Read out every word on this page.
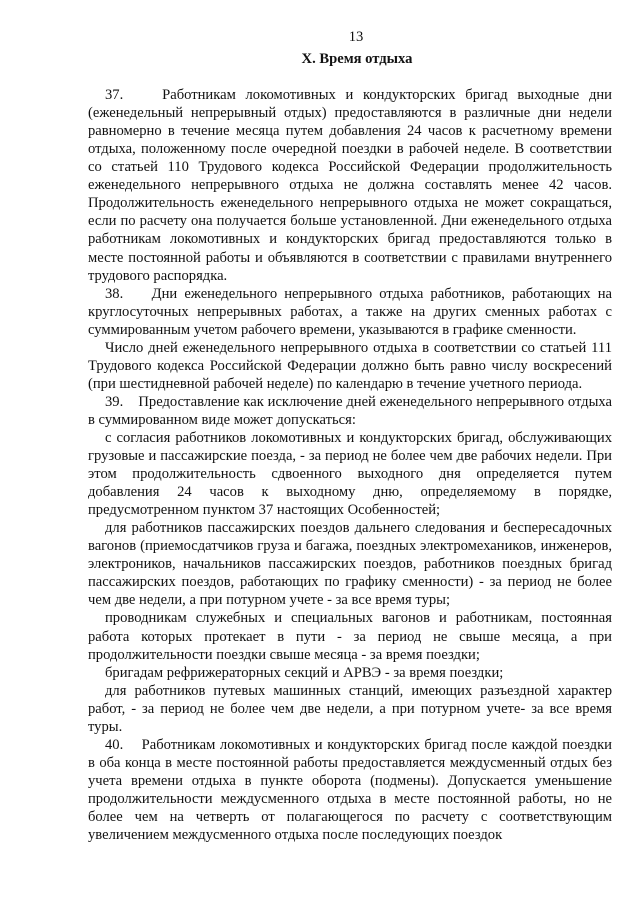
13
X. Время отдыха

37.    Работникам локомотивных и кондукторских бригад выходные дни (еженедельный непрерывный отдых) предоставляются в различные дни недели равномерно в течение месяца путем добавления 24 часов к расчетному времени отдыха, положенному после очередной поездки в рабочей неделе. В соответствии со статьей 110 Трудового кодекса Российской Федерации продолжительность еженедельного непрерывного отдыха не должна составлять менее 42 часов. Продолжительность еженедельного непрерывного отдыха не может сокращаться, если по расчету она получается больше установленной. Дни еженедельного отдыха работникам локомотивных и кондукторских бригад предоставляются только в месте постоянной работы и объявляются в соответствии с правилами внутреннего трудового распорядка.

38.    Дни еженедельного непрерывного отдыха работников, работающих на круглосуточных непрерывных работах, а также на других сменных работах с суммированным учетом рабочего времени, указываются в графике сменности.

Число дней еженедельного непрерывного отдыха в соответствии со статьей 111 Трудового кодекса Российской Федерации должно быть равно числу воскресений (при шестидневной рабочей неделе) по календарю в течение учетного периода.

39.    Предоставление как исключение дней еженедельного непрерывного отдыха в суммированном виде может допускаться:

с согласия работников локомотивных и кондукторских бригад, обслуживающих грузовые и пассажирские поезда, - за период не более чем две рабочих недели. При этом продолжительность сдвоенного выходного дня определяется путем добавления 24 часов к выходному дню, определяемому в порядке, предусмотренном пунктом 37 настоящих Особенностей;

для работников пассажирских поездов дальнего следования и беспересадочных вагонов (приемосдатчиков груза и багажа, поездных электромехаников, инженеров, электроников, начальников пассажирских поездов, работников поездных бригад пассажирских поездов, работающих по графику сменности) - за период не более чем две недели, а при потурном учете - за все время туры;

проводникам служебных и специальных вагонов и работникам, постоянная работа которых протекает в пути - за период не свыше месяца, а при продолжительности поездки свыше месяца - за время поездки;

бригадам рефрижераторных секций и АРВЭ - за время поездки;

для работников путевых машинных станций, имеющих разъездной характер работ, - за период не более чем две недели, а при потурном учете- за все время туры.

40.    Работникам локомотивных и кондукторских бригад после каждой поездки в оба конца в месте постоянной работы предоставляется междусменный отдых без учета времени отдыха в пункте оборота (подмены). Допускается уменьшение продолжительности междусменного отдыха в месте постоянной работы, но не более чем на четверть от полагающегося по расчету с соответствующим увеличением междусменного отдыха после последующих поездок
